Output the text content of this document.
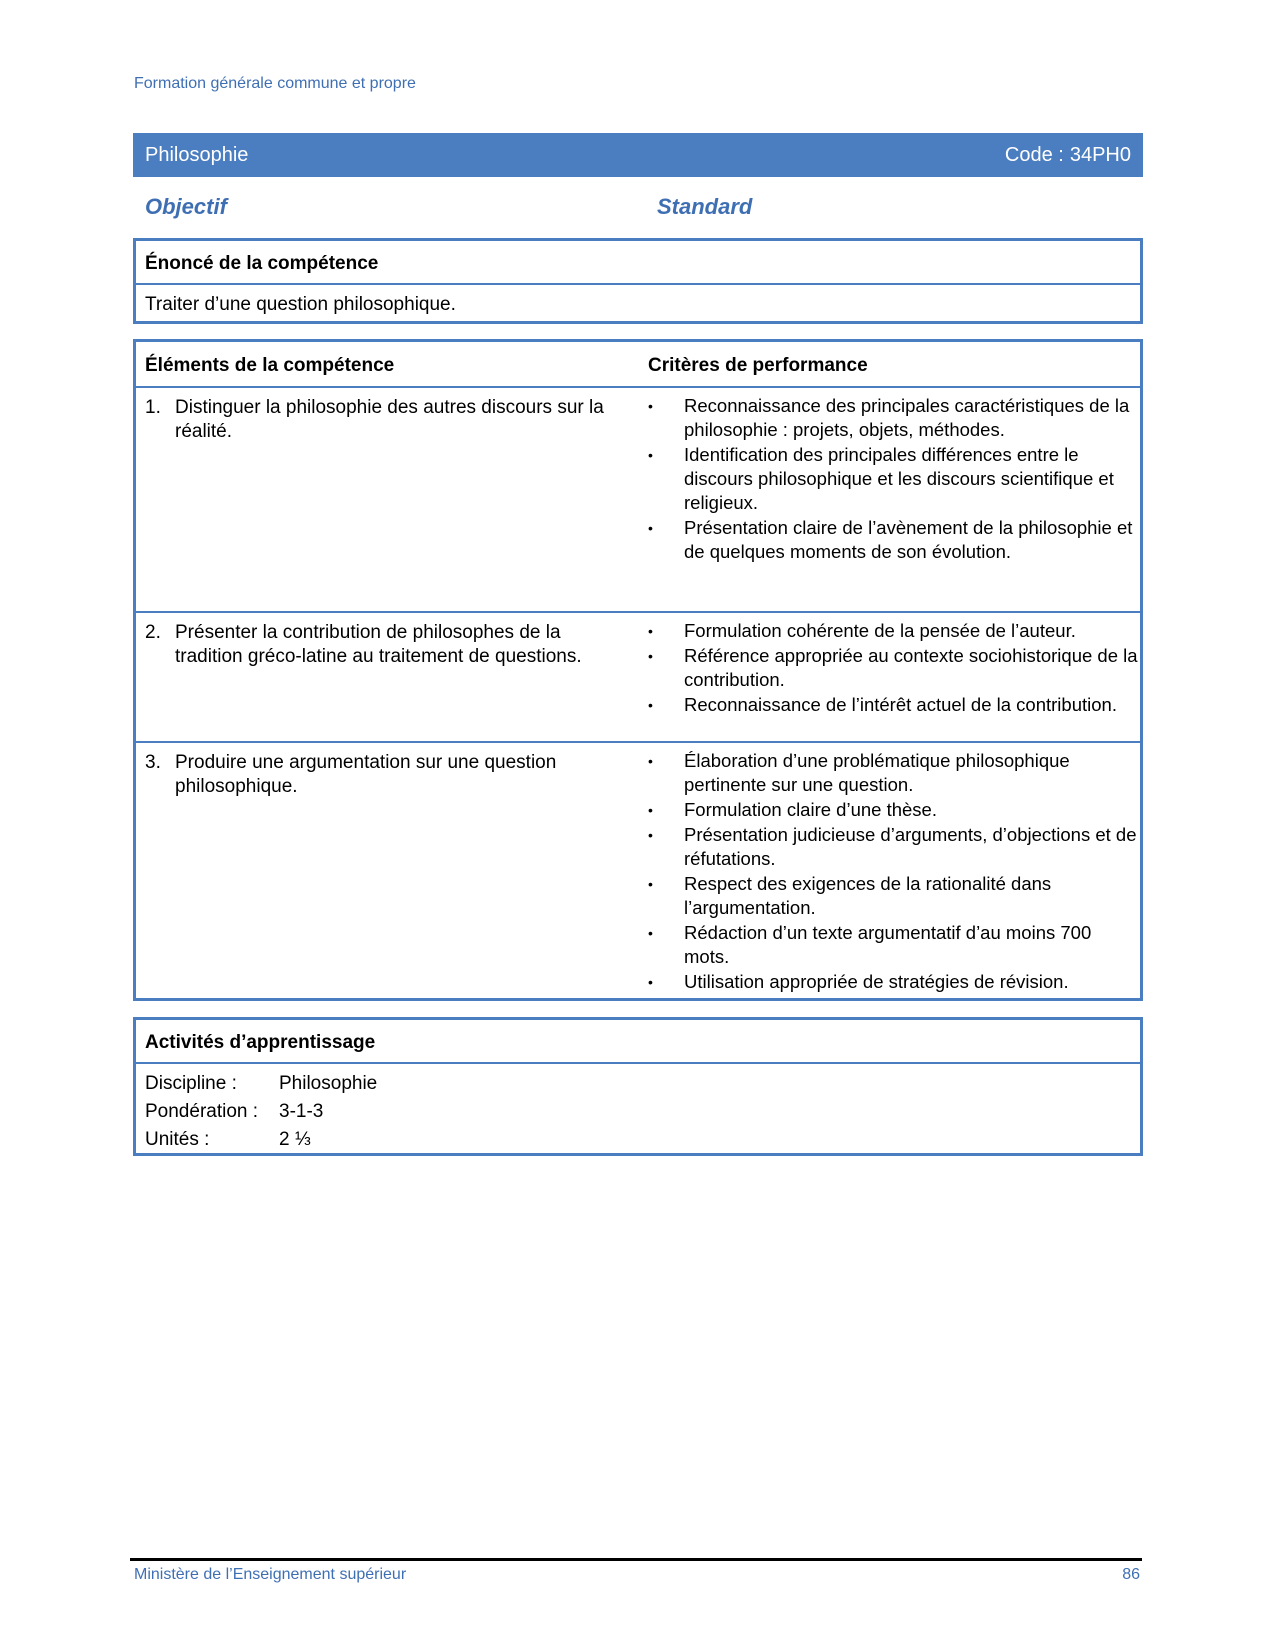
Formation générale commune et propre
Philosophie	Code : 34PH0
Objectif	Standard
Énoncé de la compétence
Traiter d’une question philosophique.
Éléments de la compétence	Critères de performance
1. Distinguer la philosophie des autres discours sur la réalité.
•	Reconnaissance des principales caractéristiques de la philosophie : projets, objets, méthodes.
•	Identification des principales différences entre le discours philosophique et les discours scientifique et religieux.
•	Présentation claire de l’avènement de la philosophie et de quelques moments de son évolution.
2. Présenter la contribution de philosophes de la tradition gréco-latine au traitement de questions.
•	Formulation cohérente de la pensée de l’auteur.
•	Référence appropriée au contexte sociohistorique de la contribution.
•	Reconnaissance de l’intérêt actuel de la contribution.
3. Produire une argumentation sur une question philosophique.
•	Élaboration d’une problématique philosophique pertinente sur une question.
•	Formulation claire d’une thèse.
•	Présentation judicieuse d’arguments, d’objections et de réfutations.
•	Respect des exigences de la rationalité dans l’argumentation.
•	Rédaction d’un texte argumentatif d’au moins 700 mots.
•	Utilisation appropriée de stratégies de révision.
Activités d’apprentissage
Discipline :	Philosophie
Pondération :	3-1-3
Unités :	2 ⅓
Ministère de l’Enseignement supérieur	86
